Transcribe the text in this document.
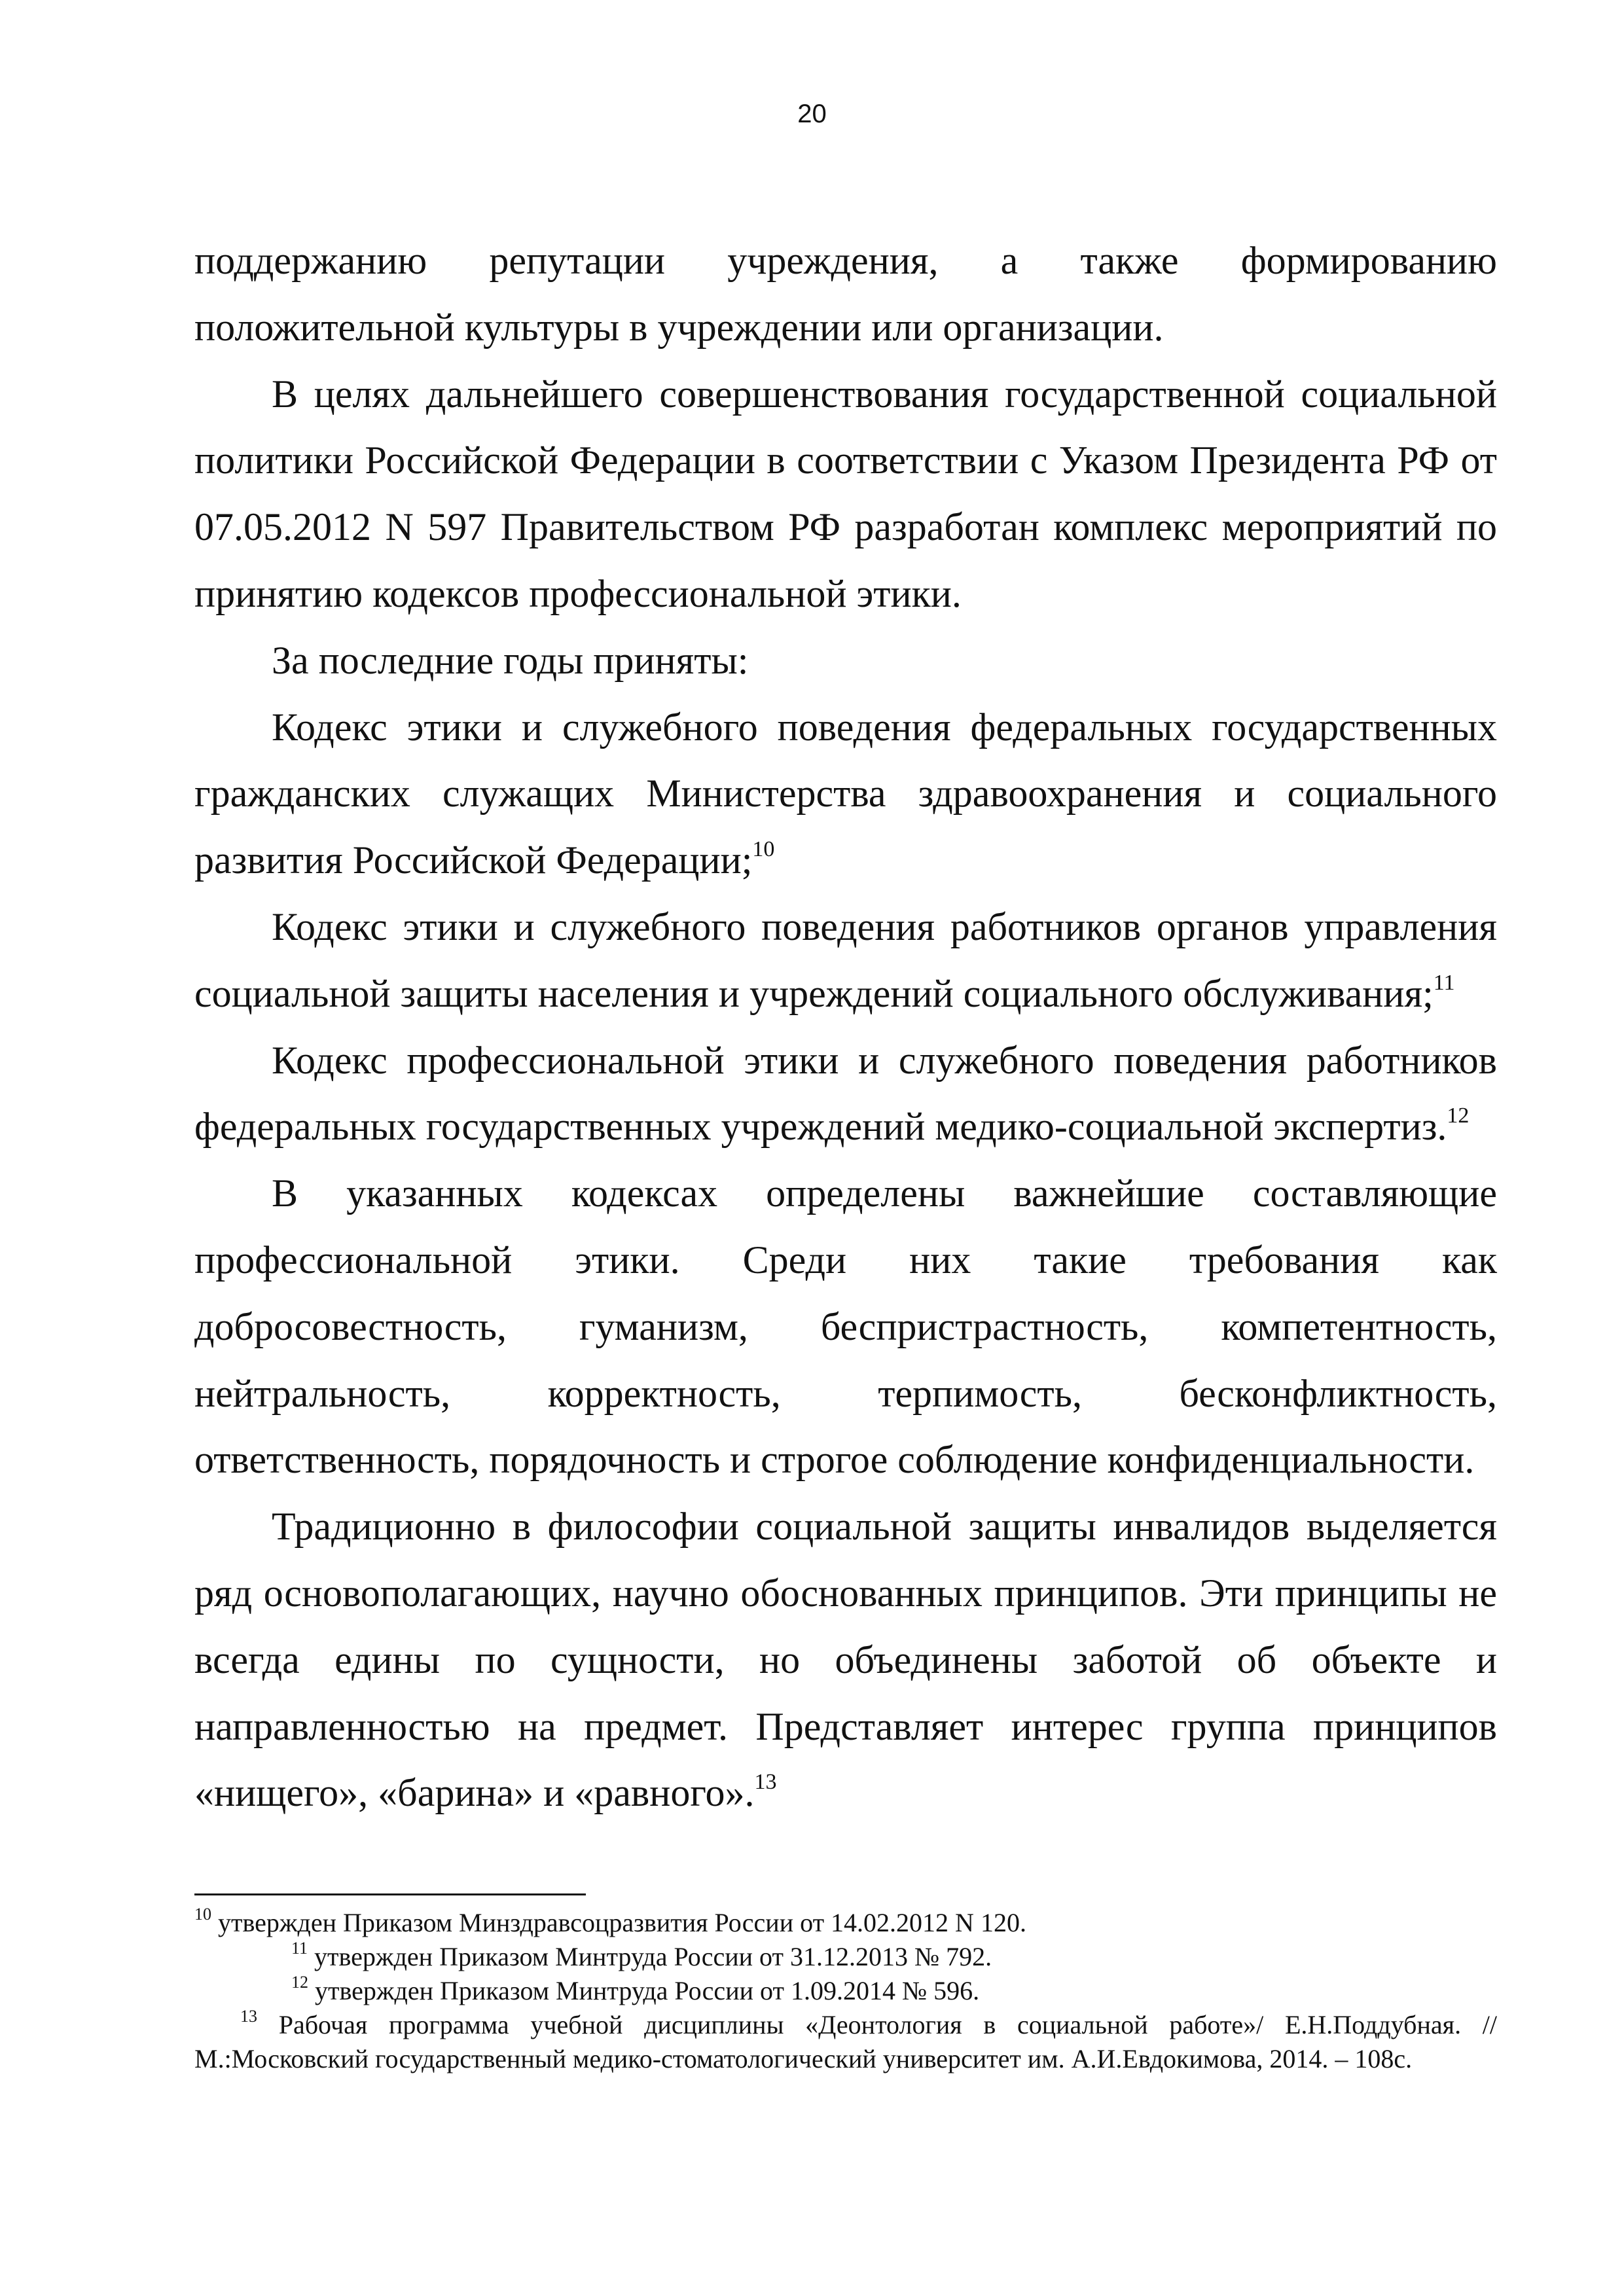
20

поддержанию репутации учреждения, а также формированию положительной культуры в учреждении или организации.

В целях дальнейшего совершенствования государственной социальной политики Российской Федерации в соответствии с Указом Президента РФ от 07.05.2012 N 597 Правительством РФ разработан комплекс мероприятий по принятию кодексов профессиональной этики.

За последние годы приняты:

Кодекс этики и служебного поведения федеральных государственных гражданских служащих Министерства здравоохранения и социального развития Российской Федерации;$^{10}$

Кодекс этики и служебного поведения работников органов управления социальной защиты населения и учреждений социального обслуживания;$^{11}$

Кодекс профессиональной этики и служебного поведения работников федеральных государственных учреждений медико-социальной экспертиз.$^{12}$

В указанных кодексах определены важнейшие составляющие профессиональной этики. Среди них такие требования как добросовестность, гуманизм, беспристрастность, компетентность, нейтральность, корректность, терпимость, бесконфликтность, ответственность, порядочность и строгое соблюдение конфиденциальности.

Традиционно в философии социальной защиты инвалидов выделяется ряд основополагающих, научно обоснованных принципов. Эти принципы не всегда едины по сущности, но объединены заботой об объекте и направленностью на предмет. Представляет интерес группа принципов «нищего», «барина» и «равного».$^{13}$

$^{10}$ утвержден Приказом Минздравсоцразвития России от 14.02.2012 N 120.

$^{11}$ утвержден Приказом Минтруда России от 31.12.2013 № 792.

$^{12}$ утвержден Приказом Минтруда России от 1.09.2014 № 596.

$^{13}$ Рабочая программа учебной дисциплины «Деонтология в социальной работе»/ Е.Н.Поддубная. // М.:Московский государственный медико-стоматологический университет им. А.И.Евдокимова, 2014. – 108с.
